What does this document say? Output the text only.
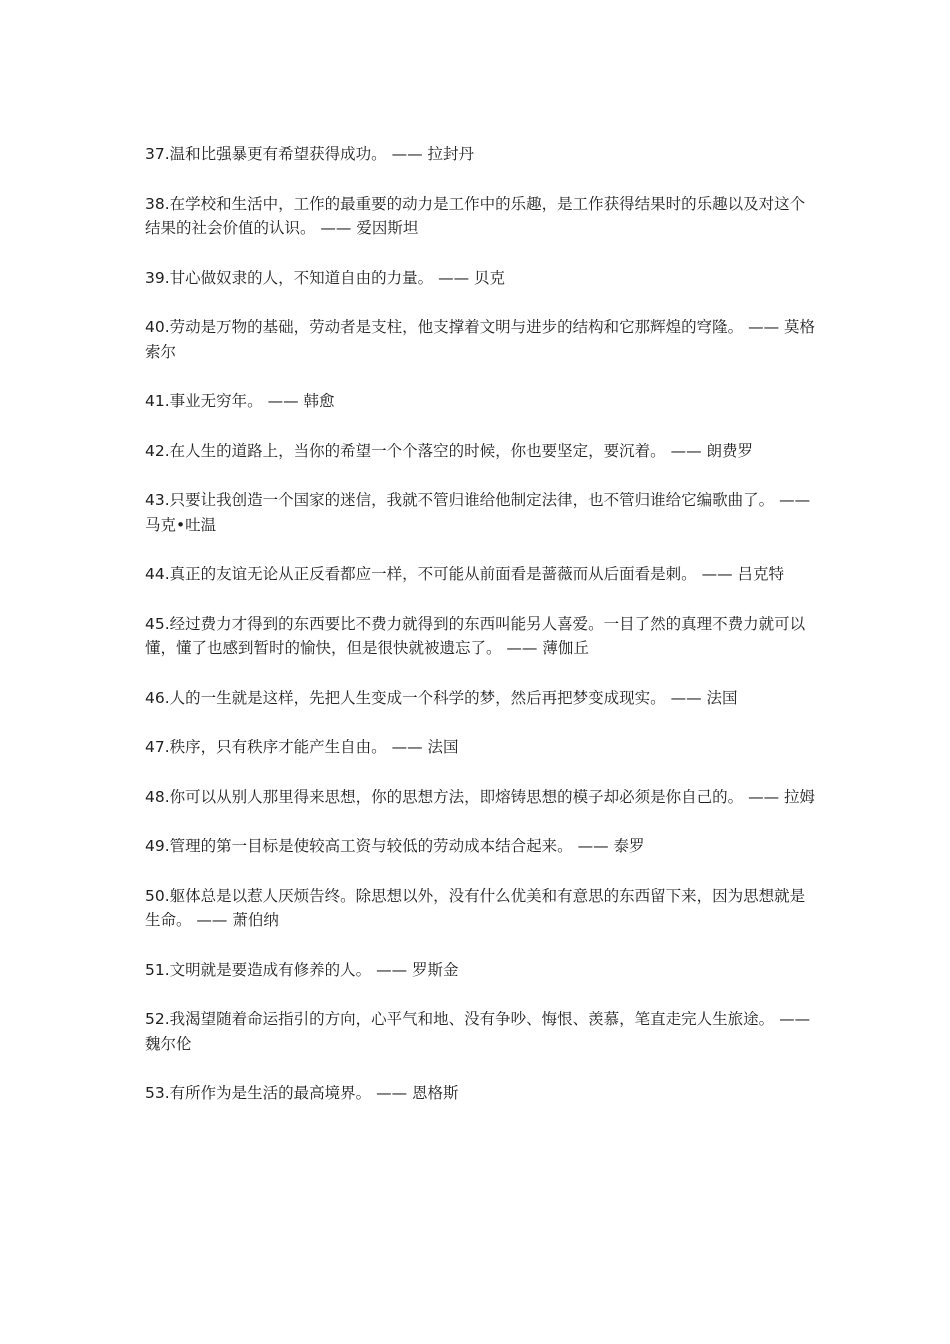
37.温和比强暴更有希望获得成功。 —— 拉封丹

38.在学校和生活中，工作的最重要的动力是工作中的乐趣，是工作获得结果时的乐趣以及对这个结果的社会价值的认识。 —— 爱因斯坦

39.甘心做奴隶的人，不知道自由的力量。 —— 贝克

40.劳动是万物的基础，劳动者是支柱，他支撑着文明与进步的结构和它那辉煌的穹隆。 —— 莫格索尔

41.事业无穷年。 —— 韩愈

42.在人生的道路上，当你的希望一个个落空的时候，你也要坚定，要沉着。 —— 朗费罗

43.只要让我创造一个国家的迷信，我就不管归谁给他制定法律，也不管归谁给它编歌曲了。 —— 马克•吐温

44.真正的友谊无论从正反看都应一样，不可能从前面看是蔷薇而从后面看是刺。 —— 吕克特

45.经过费力才得到的东西要比不费力就得到的东西叫能另人喜爱。一目了然的真理不费力就可以懂，懂了也感到暂时的愉快，但是很快就被遗忘了。 —— 薄伽丘

46.人的一生就是这样，先把人生变成一个科学的梦，然后再把梦变成现实。 —— 法国

47.秩序，只有秩序才能产生自由。 —— 法国

48.你可以从别人那里得来思想，你的思想方法，即熔铸思想的模子却必须是你自己的。 —— 拉姆

49.管理的第一目标是使较高工资与较低的劳动成本结合起来。 —— 泰罗

50.躯体总是以惹人厌烦告终。除思想以外，没有什么优美和有意思的东西留下来，因为思想就是生命。 —— 萧伯纳

51.文明就是要造成有修养的人。 —— 罗斯金

52.我渴望随着命运指引的方向，心平气和地、没有争吵、悔恨、羡慕，笔直走完人生旅途。 —— 魏尔伦

53.有所作为是生活的最高境界。 —— 恩格斯
